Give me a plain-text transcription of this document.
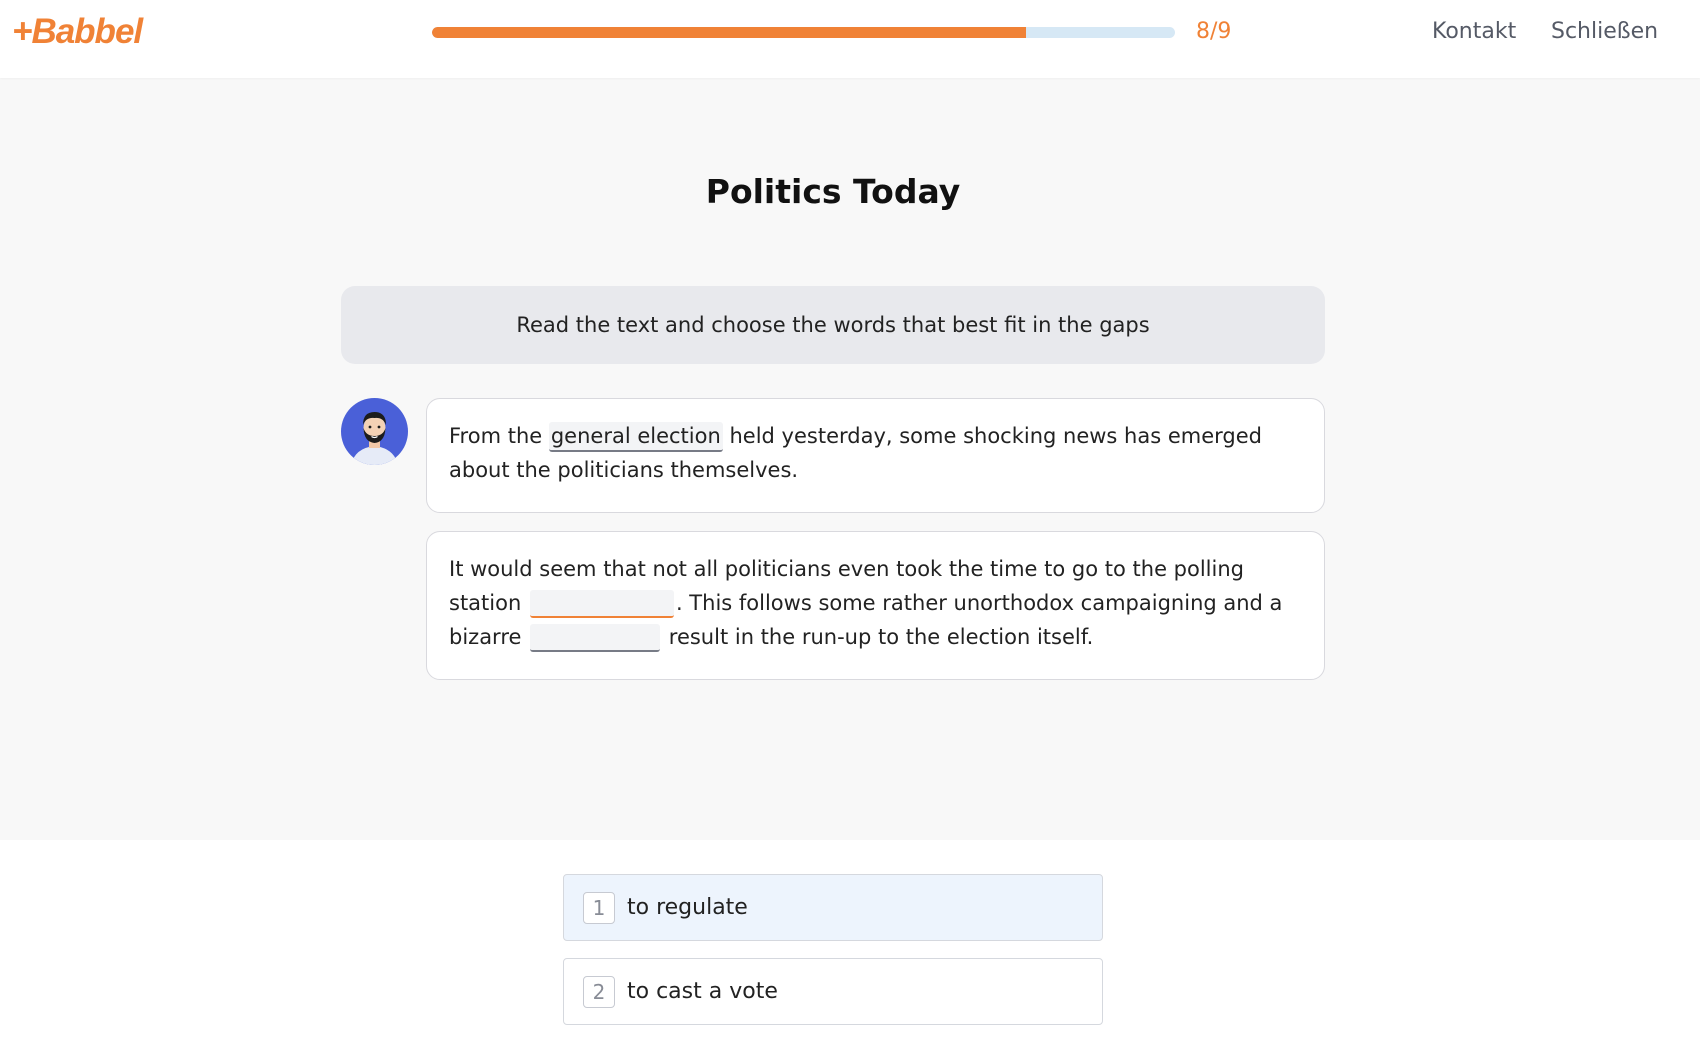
+Babbel	8/9	Kontakt Schließen
Politics Today
Read the text and choose the words that best fit in the gaps
From the general election held yesterday, some shocking news has emerged about the politicians themselves.
It would seem that not all politicians even took the time to go to the polling station	. This follows some rather unorthodox campaigning and a bizarre	result in the run-up to the election itself.
1 to regulate
2 to cast a vote
